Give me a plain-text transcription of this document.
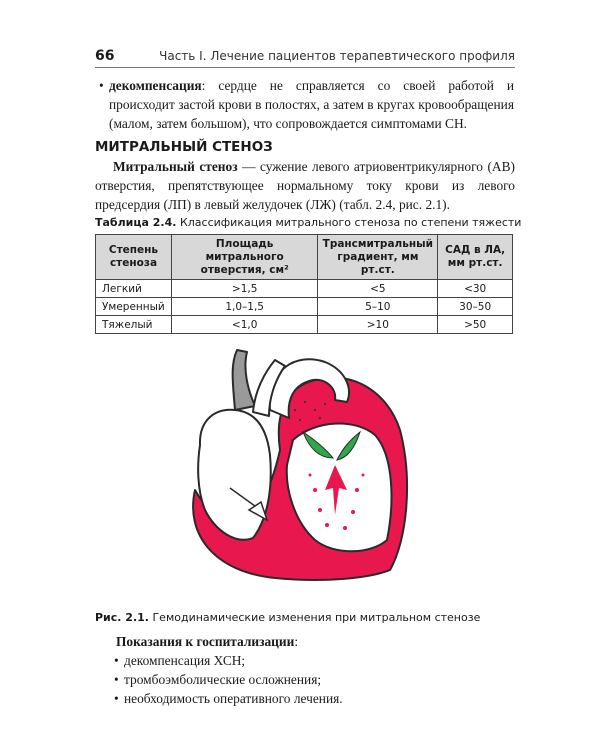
66	Часть I. Лечение пациентов терапевтического профиля
• декомпенсация: сердце не справляется со своей работой и происходит застой крови в полостях, а затем в кругах кровообращения (малом, затем большом), что сопровождается симптомами СН.
МИТРАЛЬНЫЙ СТЕНОЗ
Митральный стеноз — сужение левого атриовентрикулярного (АВ) отверстия, препятствующее нормальному току крови из левого предсердия (ЛП) в левый желудочек (ЛЖ) (табл. 2.4, рис. 2.1).
Таблица 2.4. Классификация митрального стеноза по степени тяжести
Степень стеноза	Площадь митрального отверстия, см²	Трансмитральный градиент, мм рт.ст.	САД в ЛА, мм рт.ст.
Легкий	>1,5	<5	<30
Умеренный	1,0–1,5	5–10	30–50
Тяжелый	<1,0	>10	>50
Рис. 2.1. Гемодинамические изменения при митральном стенозе
Показания к госпитализации:
• декомпенсация ХСН;
• тромбоэмболические осложнения;
• необходимость оперативного лечения.
